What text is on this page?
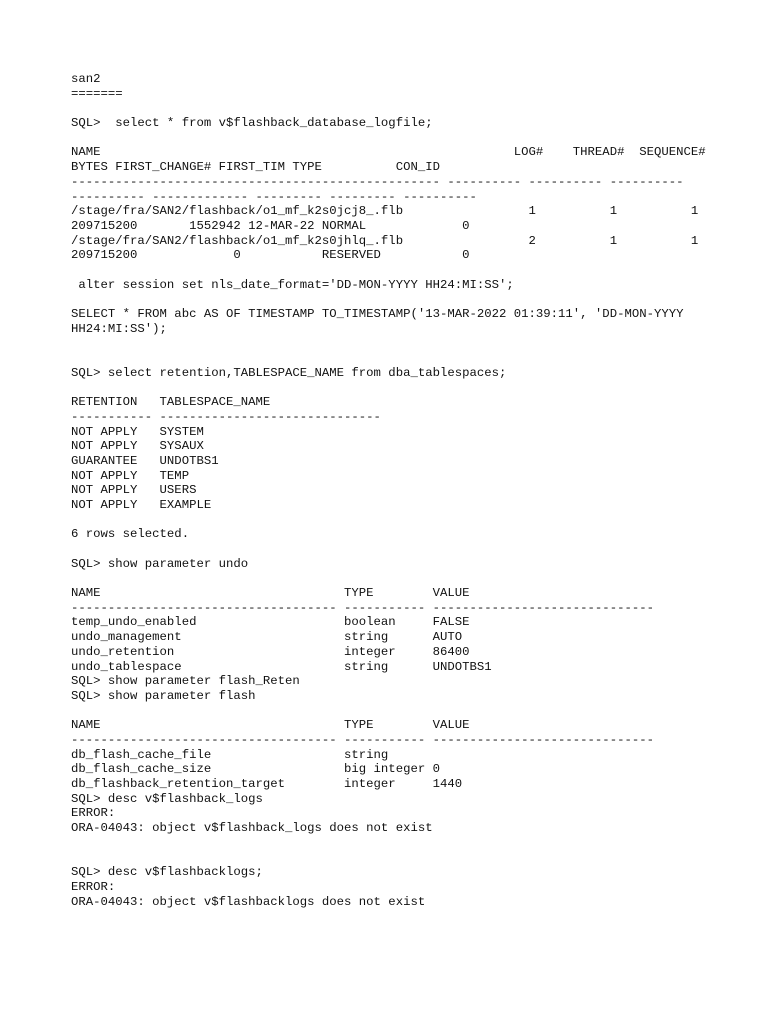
san2
=======
SQL>  select * from v$flashback_database_logfile;
NAME                                                        LOG#    THREAD#  SEQUENCE#
BYTES FIRST_CHANGE# FIRST_TIM TYPE          CON_ID
-------------------------------------------------- ---------- ---------- ----------
---------- ------------- --------- --------- ----------
/stage/fra/SAN2/flashback/o1_mf_k2s0jcj8_.flb                 1          1          1
209715200       1552942 12-MAR-22 NORMAL             0
/stage/fra/SAN2/flashback/o1_mf_k2s0jhlq_.flb                 2          1          1
209715200             0           RESERVED           0
alter session set nls_date_format='DD-MON-YYYY HH24:MI:SS';
SELECT * FROM abc AS OF TIMESTAMP TO_TIMESTAMP('13-MAR-2022 01:39:11', 'DD-MON-YYYY
HH24:MI:SS');
SQL> select retention,TABLESPACE_NAME from dba_tablespaces;
RETENTION   TABLESPACE_NAME
----------- ------------------------------
NOT APPLY   SYSTEM
NOT APPLY   SYSAUX
GUARANTEE   UNDOTBS1
NOT APPLY   TEMP
NOT APPLY   USERS
NOT APPLY   EXAMPLE
6 rows selected.
SQL> show parameter undo
NAME                                 TYPE        VALUE
------------------------------------ ----------- ------------------------------
temp_undo_enabled                    boolean     FALSE
undo_management                      string      AUTO
undo_retention                       integer     86400
undo_tablespace                      string      UNDOTBS1
SQL> show parameter flash_Reten
SQL> show parameter flash
NAME                                 TYPE        VALUE
------------------------------------ ----------- ------------------------------
db_flash_cache_file                  string
db_flash_cache_size                  big integer 0
db_flashback_retention_target        integer     1440
SQL> desc v$flashback_logs
ERROR:
ORA-04043: object v$flashback_logs does not exist
SQL> desc v$flashbacklogs;
ERROR:
ORA-04043: object v$flashbacklogs does not exist
